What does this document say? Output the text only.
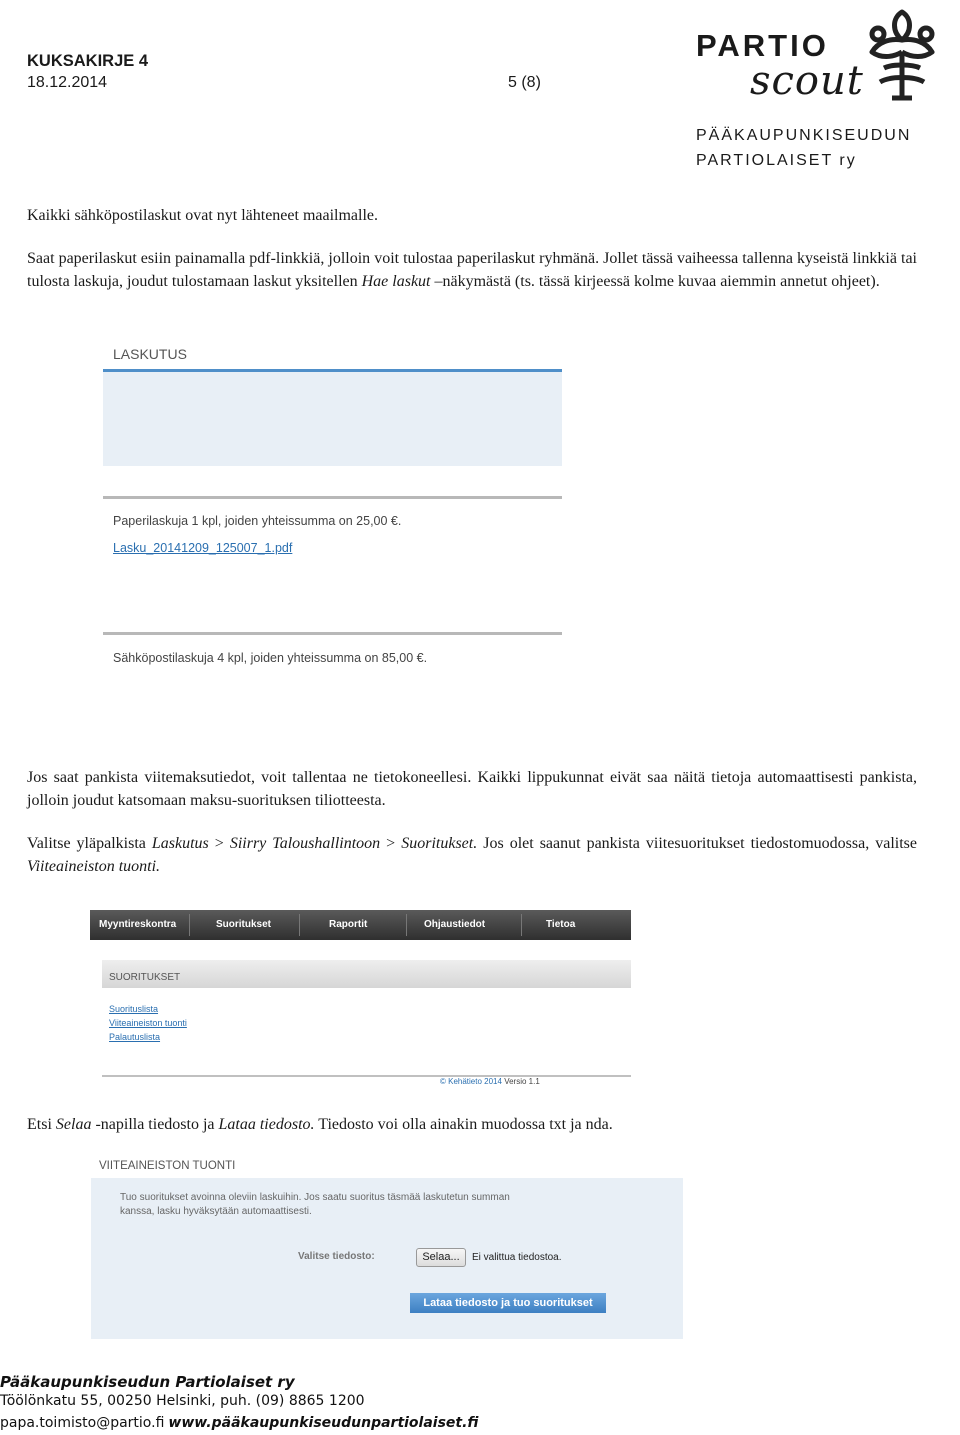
KUKSAKIRJE 4
18.12.2014	5 (8)
PARTIO
scout
PÄÄKAUPUNKISEUDUN
PARTIOLAISET ry
Kaikki sähköpostilaskut ovat nyt lähteneet maailmalle.
Saat paperilaskut esiin painamalla pdf-linkkiä, jolloin voit tulostaa paperilaskut ryhmänä. Jollet tässä vaiheessa tallenna kyseistä linkkiä tai tulosta laskuja, joudut tulostamaan laskut yksitellen Hae laskut –näkymästä (ts. tässä kirjeessä kolme kuvaa aiemmin annetut ohjeet).
LASKUTUS
Paperilaskuja 1 kpl, joiden yhteissumma on 25,00 €.
Lasku_20141209_125007_1.pdf
Sähköpostilaskuja 4 kpl, joiden yhteissumma on 85,00 €.
Jos saat pankista viitemaksutiedot, voit tallentaa ne tietokoneellesi. Kaikki lippukunnat eivät saa näitä tietoja automaattisesti pankista, jolloin joudut katsomaan maksu-suorituksen tiliotteesta.
Valitse yläpalkista Laskutus > Siirry Taloushallintoon > Suoritukset. Jos olet saanut pankista viitesuoritukset tiedostomuodossa, valitse Viiteaineiston tuonti.
Myyntireskontra	Suoritukset	Raportit	Ohjaustiedot	Tietoa
SUORITUKSET
Suorituslista
Viiteaineiston tuonti
Palautuslista
© Kehätieto 2014 Versio 1.1
Etsi Selaa -napilla tiedosto ja Lataa tiedosto. Tiedosto voi olla ainakin muodossa txt ja nda.
VIITEAINEISTON TUONTI
Tuo suoritukset avoinna oleviin laskuihin. Jos saatu suoritus täsmää laskutetun summan kanssa, lasku hyväksytään automaattisesti.
Valitse tiedosto:	Selaa...	Ei valittua tiedostoa.
Lataa tiedosto ja tuo suoritukset
Pääkaupunkiseudun Partiolaiset ry
Töölönkatu 55, 00250 Helsinki, puh. (09) 8865 1200
papa.toimisto@partio.fi www.pääkaupunkiseudunpartiolaiset.fi
